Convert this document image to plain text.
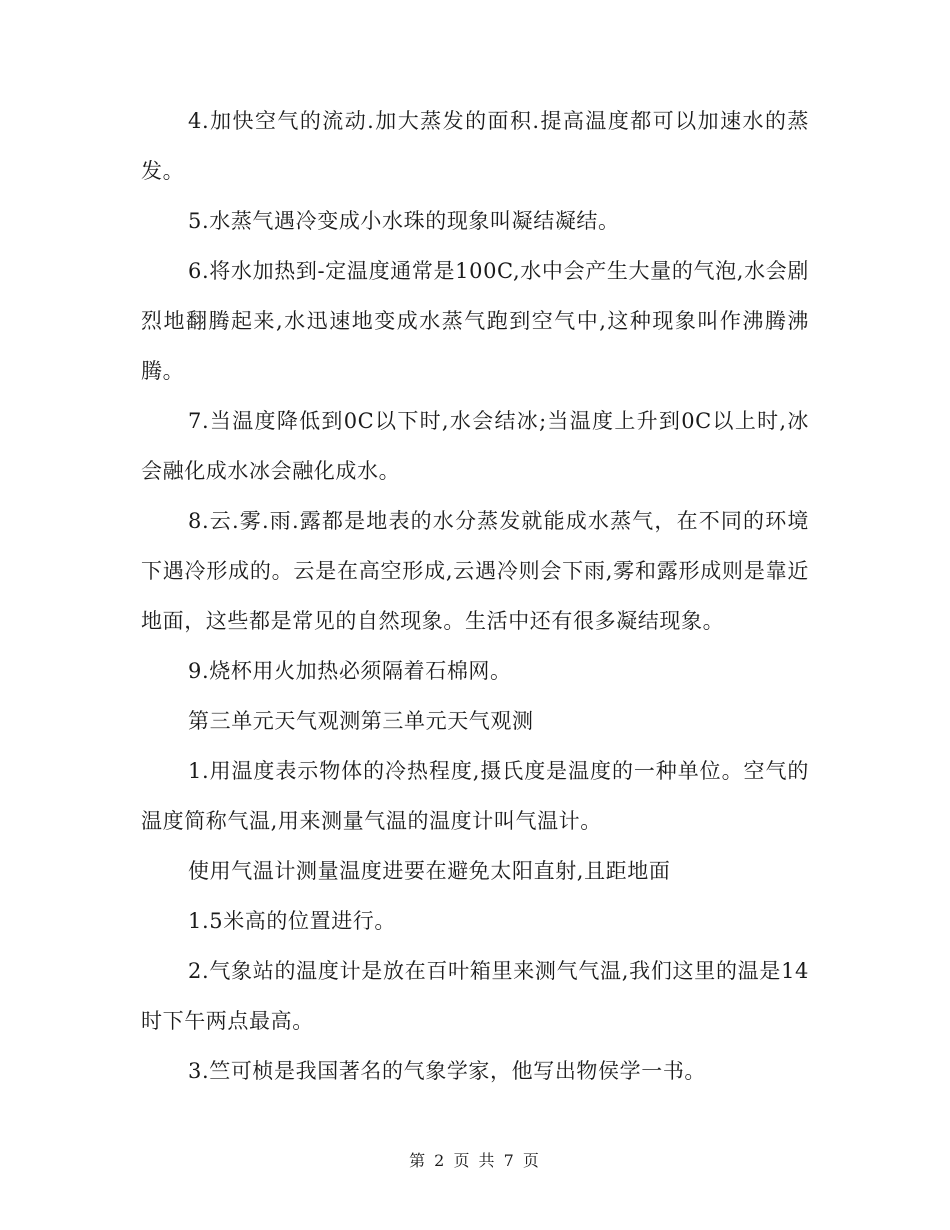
4.加快空气的流动.加大蒸发的面积.提高温度都可以加速水的蒸发。

5.水蒸气遇冷变成小水珠的现象叫凝结凝结。

6.将水加热到-定温度通常是100C,水中会产生大量的气泡,水会剧烈地翻腾起来,水迅速地变成水蒸气跑到空气中,这种现象叫作沸腾沸腾。

7.当温度降低到0C以下时,水会结冰;当温度上升到0C以上时,冰会融化成水冰会融化成水。

8.云.雾.雨.露都是地表的水分蒸发就能成水蒸气，在不同的环境下遇冷形成的。云是在高空形成,云遇冷则会下雨,雾和露形成则是靠近地面，这些都是常见的自然现象。生活中还有很多凝结现象。

9.烧杯用火加热必须隔着石棉网。

第三单元天气观测第三单元天气观测

1.用温度表示物体的冷热程度,摄氏度是温度的一种单位。空气的温度简称气温,用来测量气温的温度计叫气温计。

使用气温计测量温度进要在避免太阳直射,且距地面

1.5米高的位置进行。

2.气象站的温度计是放在百叶箱里来测气气温,我们这里的温是14时下午两点最高。

3.竺可桢是我国著名的气象学家，他写出物侯学一书。

第 2 页 共 7 页
